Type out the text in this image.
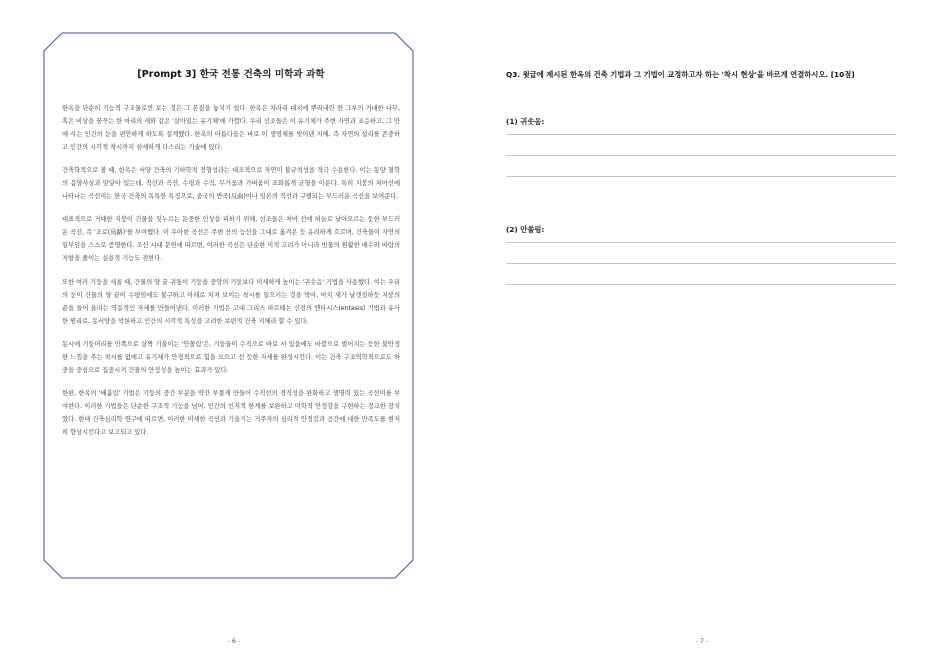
[Prompt 3] 한국 전통 건축의 미학과 과학

한옥을 단순히 기능적 구조물로만 보는 것은 그 본질을 놓치기 쉽다. 한옥은 차라리 대지에 뿌리내린 한 그루의 거대한 나무, 혹은 비상을 꿈꾸는 한 마리의 새와 같은 '살아있는 유기체'에 가깝다. 우리 선조들은 이 유기체가 주변 자연과 조응하고, 그 안에 사는 인간의 눈을 편안하게 하도록 설계했다. 한옥의 아름다움은 바로 이 생명체를 빚어낸 지혜, 즉 자연의 섭리를 존중하고 인간의 시각적 착시까지 섬세하게 다스리는 기술에 있다.

건축학적으로 볼 때, 한옥은 서양 건축의 기하학적 정형성과는 대조적으로 자연미 불규칙성을 적극 수용한다. 이는 동양 철학의 음양사상과 맞닿아 있는데, 직선과 곡선, 수평과 수직, 무거움과 가벼움이 조화롭게 균형을 이룬다. 특히 지붕의 처마선에 나타나는 곡선미는 한국 건축의 독특한 특징으로, 중국의 반곡(反曲)이나 일본의 직선과 구별되는 부드러운 곡선을 보여준다.

대표적으로 거대한 지붕이 건물을 짓누르는 둔중한 인상을 피하기 위해, 선조들은 처마 선에 허늘로 날아오르는 듯한 부드러운 곡선, 즉 '조로(鳥路)'를 부여했다. 이 우아한 곡선은 주변 산의 능선을 그대로 옮겨온 듯 유려하게 흐르며, 건축물이 자연의 일부임을 스스로 증명한다. 조선 시대 문헌에 따르면, 이러한 곡선은 단순한 미적 고려가 아니라 빗물의 원활한 배수와 바람의 저항을 줄이는 실용적 기능도 겸한다.

또한 여러 기둥을 세울 때, 건물의 양 끝 귀통이 기둥을 중앙의 기둥보다 미세하게 높이는 '귀솟음' 기법을 사용했다. 이는 우리의 눈이 건물의 양 끝이 수평임에도 불구하고 아래로 처져 보이는 착시를 일으키는 것을 막아, 마치 새가 날갯짓하듯 지붕의 끝을 들어 올리는 역동적인 자세를 만들어낸다. 이러한 기법은 고대 그리스 파르테논 신전의 엔타시스(entasis) 기법과 유사한 원리로, 동서양을 막론하고 인간의 시각적 특성을 고려한 보편적 건축 지혜라 할 수 있다.

동시에 기둥머리를 안쪽으로 살짝 기울이는 '안쏠림'은, 기둥들이 수직으로 바로 서 있을에도 바깥으로 벌어지는 듯한 불안정한 느낌을 주는 착시를 없애고 유기체가 안정적으로 힘을 모으고 선 듯한 자세를 완성시킨다. 이는 건축 구조역학적으로도 하중을 중심으로 집중시켜 건물의 안정성을 높이는 효과가 있다.

한편, 한옥의 '배흘림' 기법은 기둥의 중간 부분을 약간 부풀게 만들어 수직선의 경직성을 완화하고 생명력 있는 곡선미를 부여한다. 이러한 기법들은 단순한 구조적 기능을 넘어, 인간의 인지적 한계를 보완하고 미학적 안정감을 구현하는 정교한 장치였다. 현대 건축심리학 연구에 따르면, 이러한 미세한 곡선과 기울기는 거주자의 심리적 안정감과 공간에 대한 만족도를 현저히 향상시킨다고 보고되고 있다.

- 6 -	- 7 -
Q3. 윗글에 제시된 한옥의 건축 기법과 그 기법이 교정하고자 하는 '착시 현상'을 바르게 연결하시오. [10점]
(1) 귀솟음:
(2) 안쏠림:
